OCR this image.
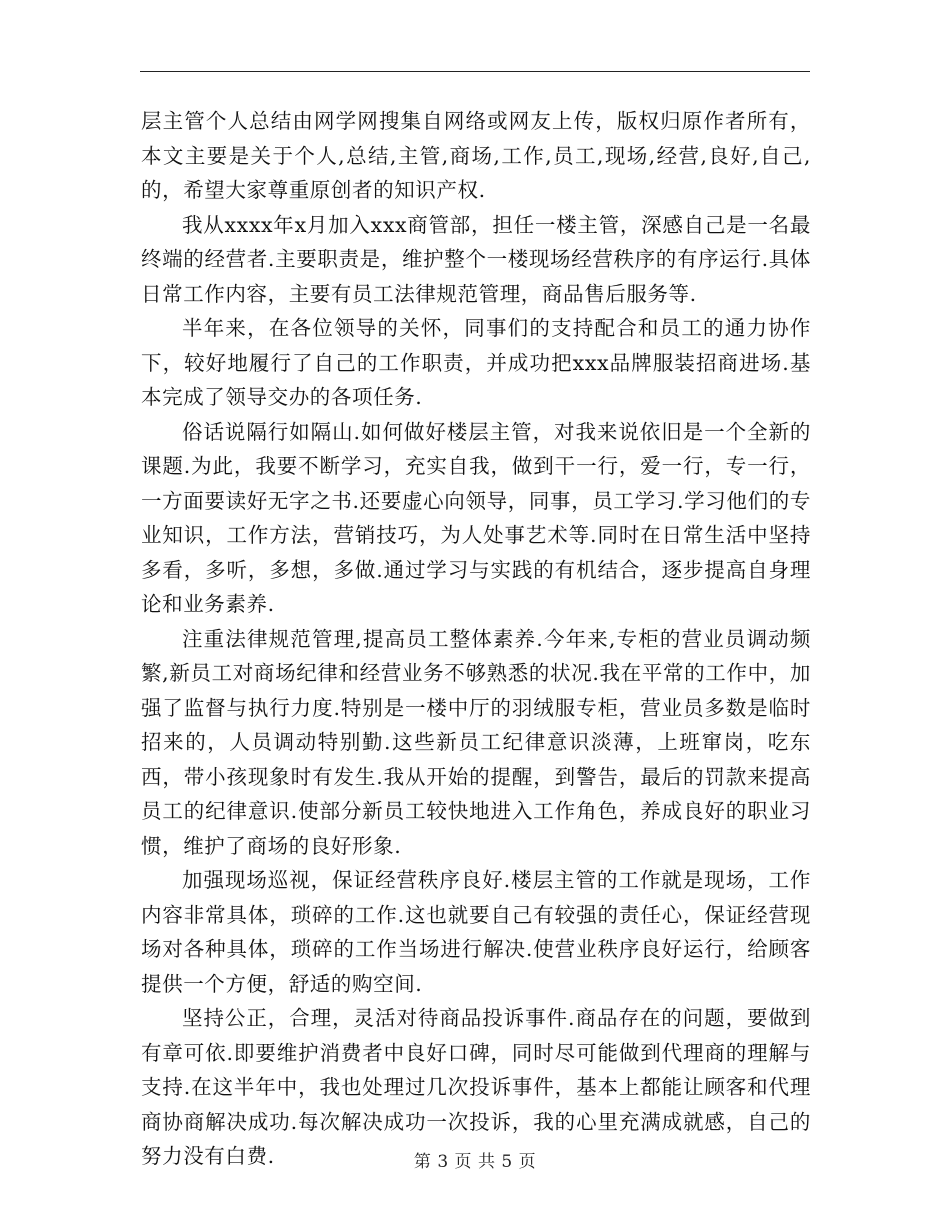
层主管个人总结由网学网搜集自网络或网友上传，版权归原作者所有，本文主要是关于个人,总结,主管,商场,工作,员工,现场,经营,良好,自己,的，希望大家尊重原创者的知识产权.

我从xxxx年x月加入xxx商管部，担任一楼主管，深感自己是一名最终端的经营者.主要职责是，维护整个一楼现场经营秩序的有序运行.具体日常工作内容，主要有员工法律规范管理，商品售后服务等.

半年来，在各位领导的关怀，同事们的支持配合和员工的通力协作下，较好地履行了自己的工作职责，并成功把xxx品牌服装招商进场.基本完成了领导交办的各项任务.

俗话说隔行如隔山.如何做好楼层主管，对我来说依旧是一个全新的课题.为此，我要不断学习，充实自我，做到干一行，爱一行，专一行，一方面要读好无字之书.还要虚心向领导，同事，员工学习.学习他们的专业知识，工作方法，营销技巧，为人处事艺术等.同时在日常生活中坚持多看，多听，多想，多做.通过学习与实践的有机结合，逐步提高自身理论和业务素养.

注重法律规范管理,提高员工整体素养.今年来,专柜的营业员调动频繁,新员工对商场纪律和经营业务不够熟悉的状况.我在平常的工作中，加强了监督与执行力度.特别是一楼中厅的羽绒服专柜，营业员多数是临时招来的，人员调动特别勤.这些新员工纪律意识淡薄，上班窜岗，吃东西，带小孩现象时有发生.我从开始的提醒，到警告，最后的罚款来提高员工的纪律意识.使部分新员工较快地进入工作角色，养成良好的职业习惯，维护了商场的良好形象.

加强现场巡视，保证经营秩序良好.楼层主管的工作就是现场，工作内容非常具体，琐碎的工作.这也就要自己有较强的责任心，保证经营现场对各种具体，琐碎的工作当场进行解决.使营业秩序良好运行，给顾客提供一个方便，舒适的购空间.

坚持公正，合理，灵活对待商品投诉事件.商品存在的问题，要做到有章可依.即要维护消费者中良好口碑，同时尽可能做到代理商的理解与支持.在这半年中，我也处理过几次投诉事件，基本上都能让顾客和代理商协商解决成功.每次解决成功一次投诉，我的心里充满成就感，自己的努力没有白费.	第 3 页 共 5 页
